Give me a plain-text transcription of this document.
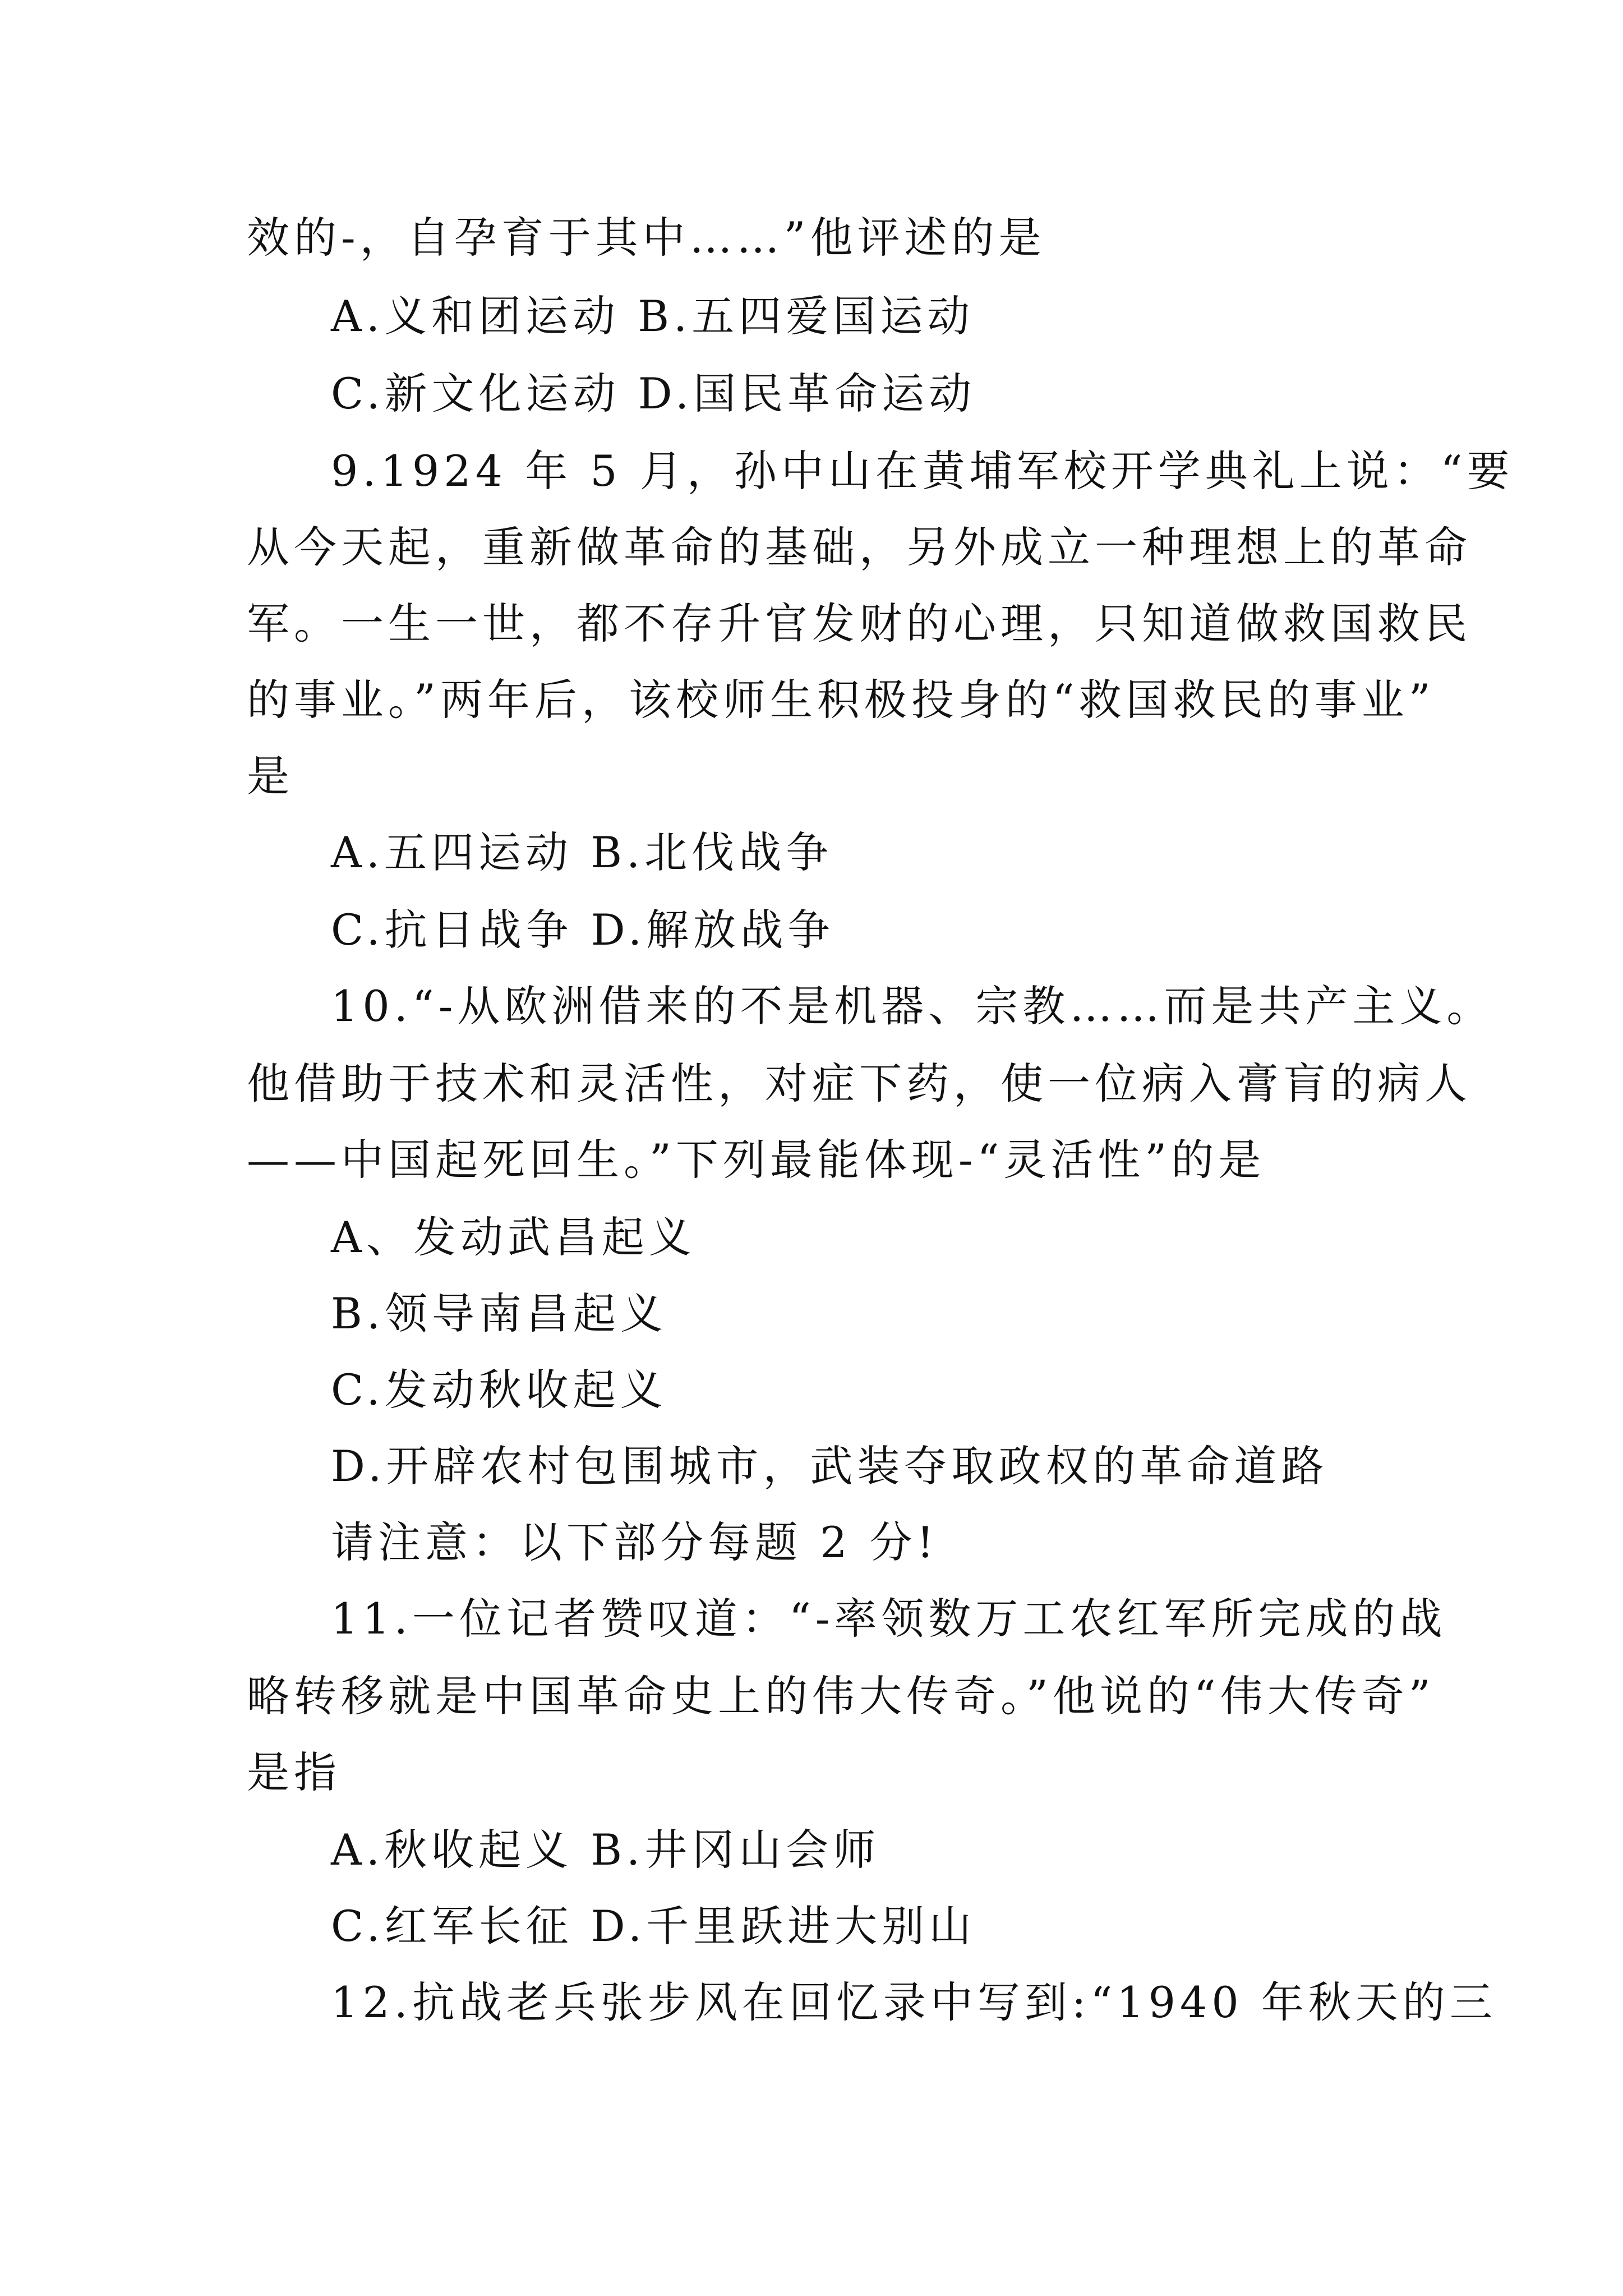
效的-，自孕育于其中……”他评述的是
A.义和团运动 B.五四爱国运动
C.新文化运动 D.国民革命运动
9.1924 年 5 月，孙中山在黄埔军校开学典礼上说：“要
从今天起，重新做革命的基础，另外成立一种理想上的革命
军。一生一世，都不存升官发财的心理，只知道做救国救民
的事业。”两年后，该校师生积极投身的“救国救民的事业”
是
A.五四运动 B.北伐战争
C.抗日战争 D.解放战争
10.“-从欧洲借来的不是机器、宗教……而是共产主义。
他借助于技术和灵活性，对症下药，使一位病入膏肓的病人
——中国起死回生。”下列最能体现-“灵活性”的是
A、发动武昌起义
B.领导南昌起义
C.发动秋收起义
D.开辟农村包围城市，武装夺取政权的革命道路
请注意：以下部分每题 2 分!
11.一位记者赞叹道：“-率领数万工农红军所完成的战
略转移就是中国革命史上的伟大传奇。”他说的“伟大传奇”
是指
A.秋收起义 B.井冈山会师
C.红军长征 D.千里跃进大别山
12.抗战老兵张步风在回忆录中写到:“1940 年秋天的三
